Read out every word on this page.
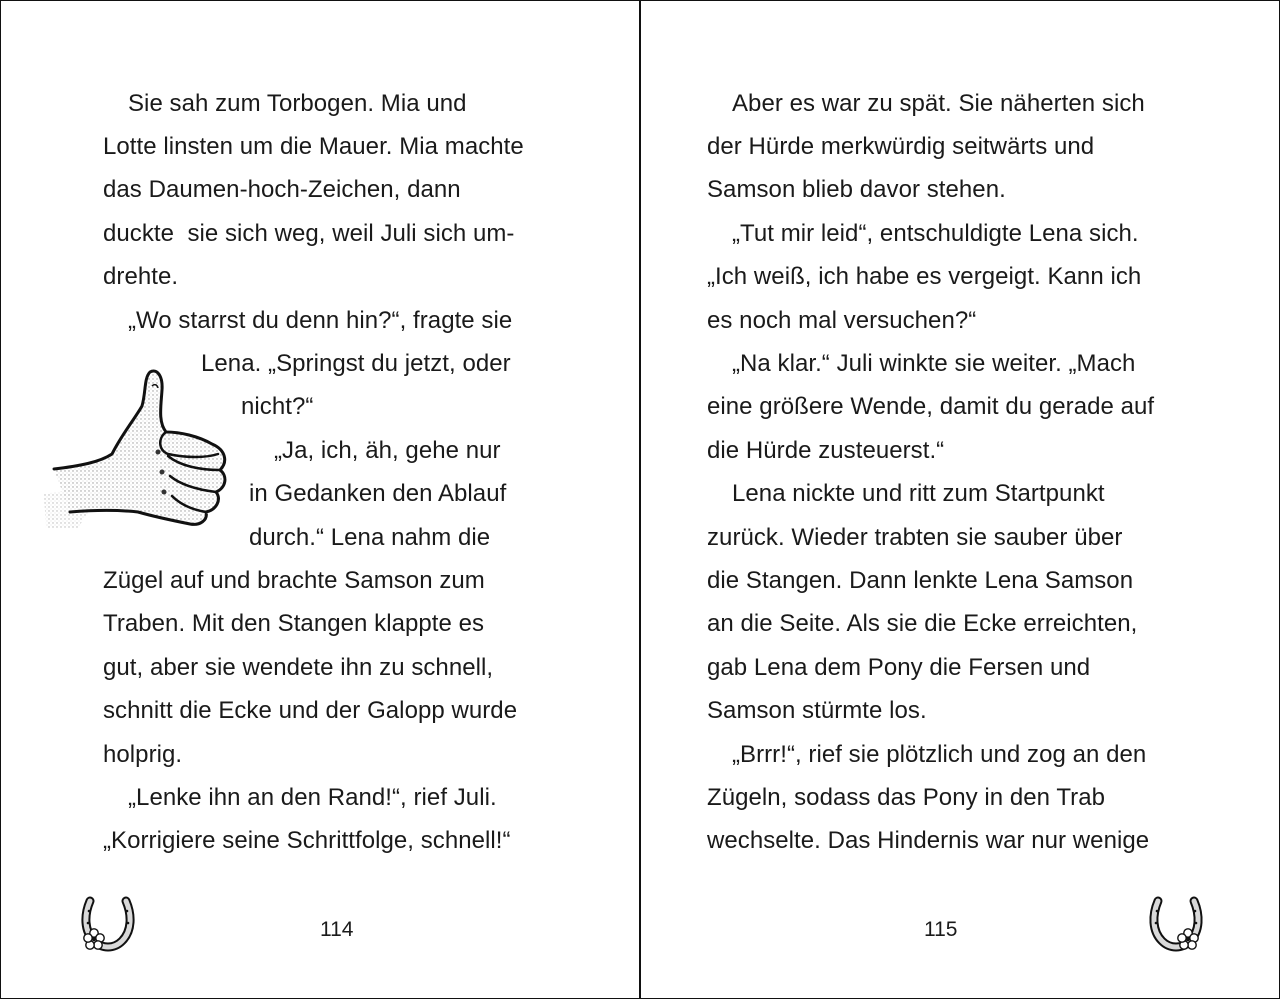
Sie sah zum Torbogen. Mia und
Lotte linsten um die Mauer. Mia machte
das Daumen-hoch-Zeichen, dann
duckte  sie sich weg, weil Juli sich um-
drehte.
„Wo starrst du denn hin?“, fragte sie
Lena. „Springst du jetzt, oder
nicht?“
„Ja, ich, äh, gehe nur
in Gedanken den Ablauf
durch.“ Lena nahm die
Zügel auf und brachte Samson zum
Traben. Mit den Stangen klappte es
gut, aber sie wendete ihn zu schnell,
schnitt die Ecke und der Galopp wurde
holprig.
„Lenke ihn an den Rand!“, rief Juli.
„Korrigiere seine Schrittfolge, schnell!“
114
Aber es war zu spät. Sie näherten sich
der Hürde merkwürdig seitwärts und
Samson blieb davor stehen.
„Tut mir leid“, entschuldigte Lena sich.
„Ich weiß, ich habe es vergeigt. Kann ich
es noch mal versuchen?“
„Na klar.“ Juli winkte sie weiter. „Mach
eine größere Wende, damit du gerade auf
die Hürde zusteuerst.“
Lena nickte und ritt zum Startpunkt
zurück. Wieder trabten sie sauber über
die Stangen. Dann lenkte Lena Samson
an die Seite. Als sie die Ecke erreichten,
gab Lena dem Pony die Fersen und
Samson stürmte los.
„Brrr!“, rief sie plötzlich und zog an den
Zügeln, sodass das Pony in den Trab
wechselte. Das Hindernis war nur wenige
115
